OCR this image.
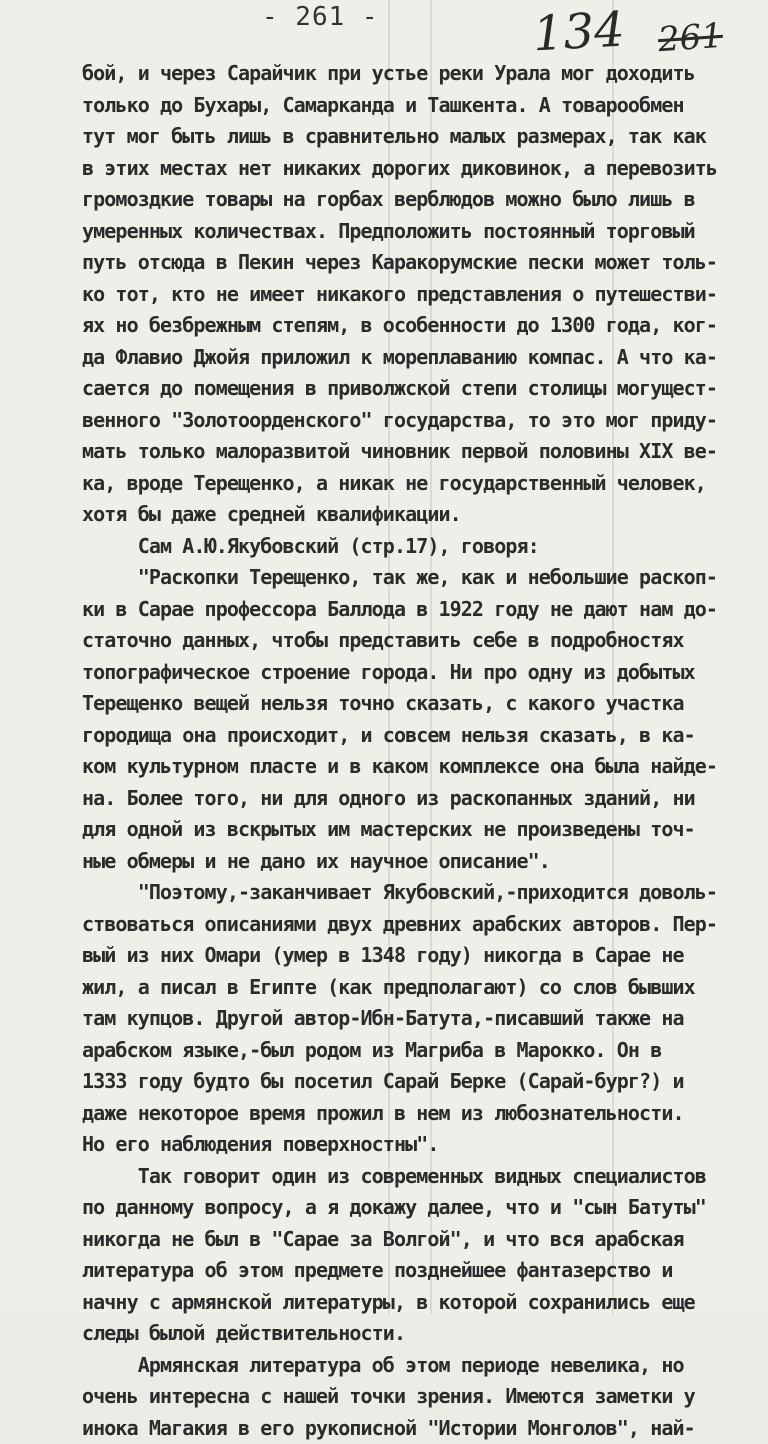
- 261 -	134 261
бой, и через Сарайчик при устье реки Урала мог доходить
только до Бухары, Самарканда и Ташкента. А товарообмен
тут мог быть лишь в сравнительно малых размерах, так как
в этих местах нет никаких дорогих диковинок, а перевозить
громоздкие товары на горбах верблюдов можно было лишь в
умеренных количествах. Предположить постоянный торговый
путь отсюда в Пекин через Каракорумские пески может толь-
ко тот, кто не имеет никакого представления о путешестви-
ях но безбрежным степям, в особенности до 1300 года, ког-
да Флавио Джойя приложил к мореплаванию компас. А что ка-
сается до помещения в приволжской степи столицы могущест-
венного "Золотоорденского" государства, то это мог приду-
мать только малоразвитой чиновник первой половины XIX ве-
ка, вроде Терещенко, а никак не государственный человек,
хотя бы даже средней квалификации.
Сам А.Ю.Якубовский (стр.17), говоря:
"Раскопки Терещенко, так же, как и небольшие раскоп-
ки в Сарае профессора Баллода в 1922 году не дают нам до-
статочно данных, чтобы представить себе в подробностях
топографическое строение города. Ни про одну из добытых
Терещенко вещей нельзя точно сказать, с какого участка
городища она происходит, и совсем нельзя сказать, в ка-
ком культурном пласте и в каком комплексе она была найде-
на. Более того, ни для одного из раскопанных зданий, ни
для одной из вскрытых им мастерских не произведены точ-
ные обмеры и не дано их научное описание".
"Поэтому,-заканчивает Якубовский,-приходится доволь-
ствоваться описаниями двух древних арабских авторов. Пер-
вый из них Омари (умер в 1348 году) никогда в Сарае не
жил, а писал в Египте (как предполагают) со слов бывших
там купцов. Другой автор-Ибн-Батута,-писавший также на
арабском языке,-был родом из Магриба в Марокко. Он в
1333 году будто бы посетил Сарай Берке (Сарай-бург?) и
даже некоторое время прожил в нем из любознательности.
Но его наблюдения поверхностны".
Так говорит один из современных видных специалистов
по данному вопросу, а я докажу далее, что и "сын Батуты"
никогда не был в "Сарае за Волгой", и что вся арабская
литература об этом предмете позднейшее фантазерство и
начну с армянской литературы, в которой сохранились еще
следы былой действительности.
Армянская литература об этом периоде невелика, но
очень интересна с нашей точки зрения. Имеются заметки у
инока Магакия в его рукописной "Истории Монголов", най-
